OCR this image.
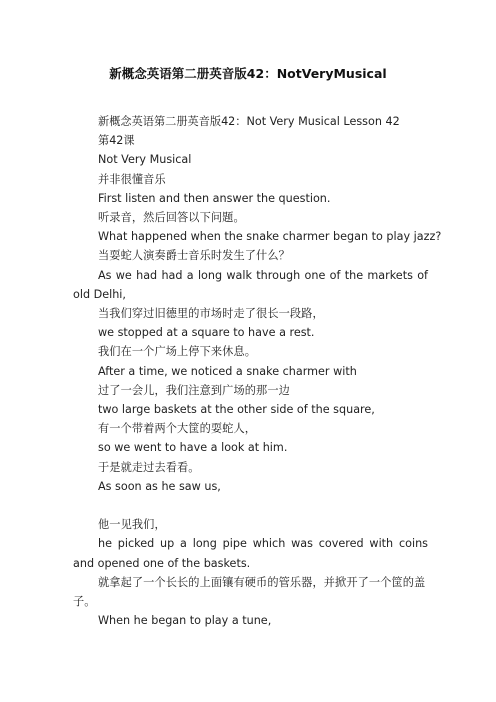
新概念英语第二册英音版42：NotVeryMusical

新概念英语第二册英音版42：Not Very Musical Lesson 42

第42课

Not Very Musical

并非很懂音乐

First listen and then answer the question.

听录音，然后回答以下问题。

What happened when the snake charmer began to play jazz?

当耍蛇人演奏爵士音乐时发生了什么？

As we had had a long walk through one of the markets of old Delhi,

当我们穿过旧德里的市场时走了很长一段路，

we stopped at a square to have a rest.

我们在一个广场上停下来休息。

After a time, we noticed a snake charmer with

过了一会儿，我们注意到广场的那一边

two large baskets at the other side of the square,

有一个带着两个大筐的耍蛇人，

so we went to have a look at him.

于是就走过去看看。

As soon as he saw us,

他一见我们，

he picked up a long pipe which was covered with coins and opened one of the baskets.

就拿起了一个长长的上面镶有硬币的管乐器，并掀开了一个筐的盖子。

When he began to play a tune,
